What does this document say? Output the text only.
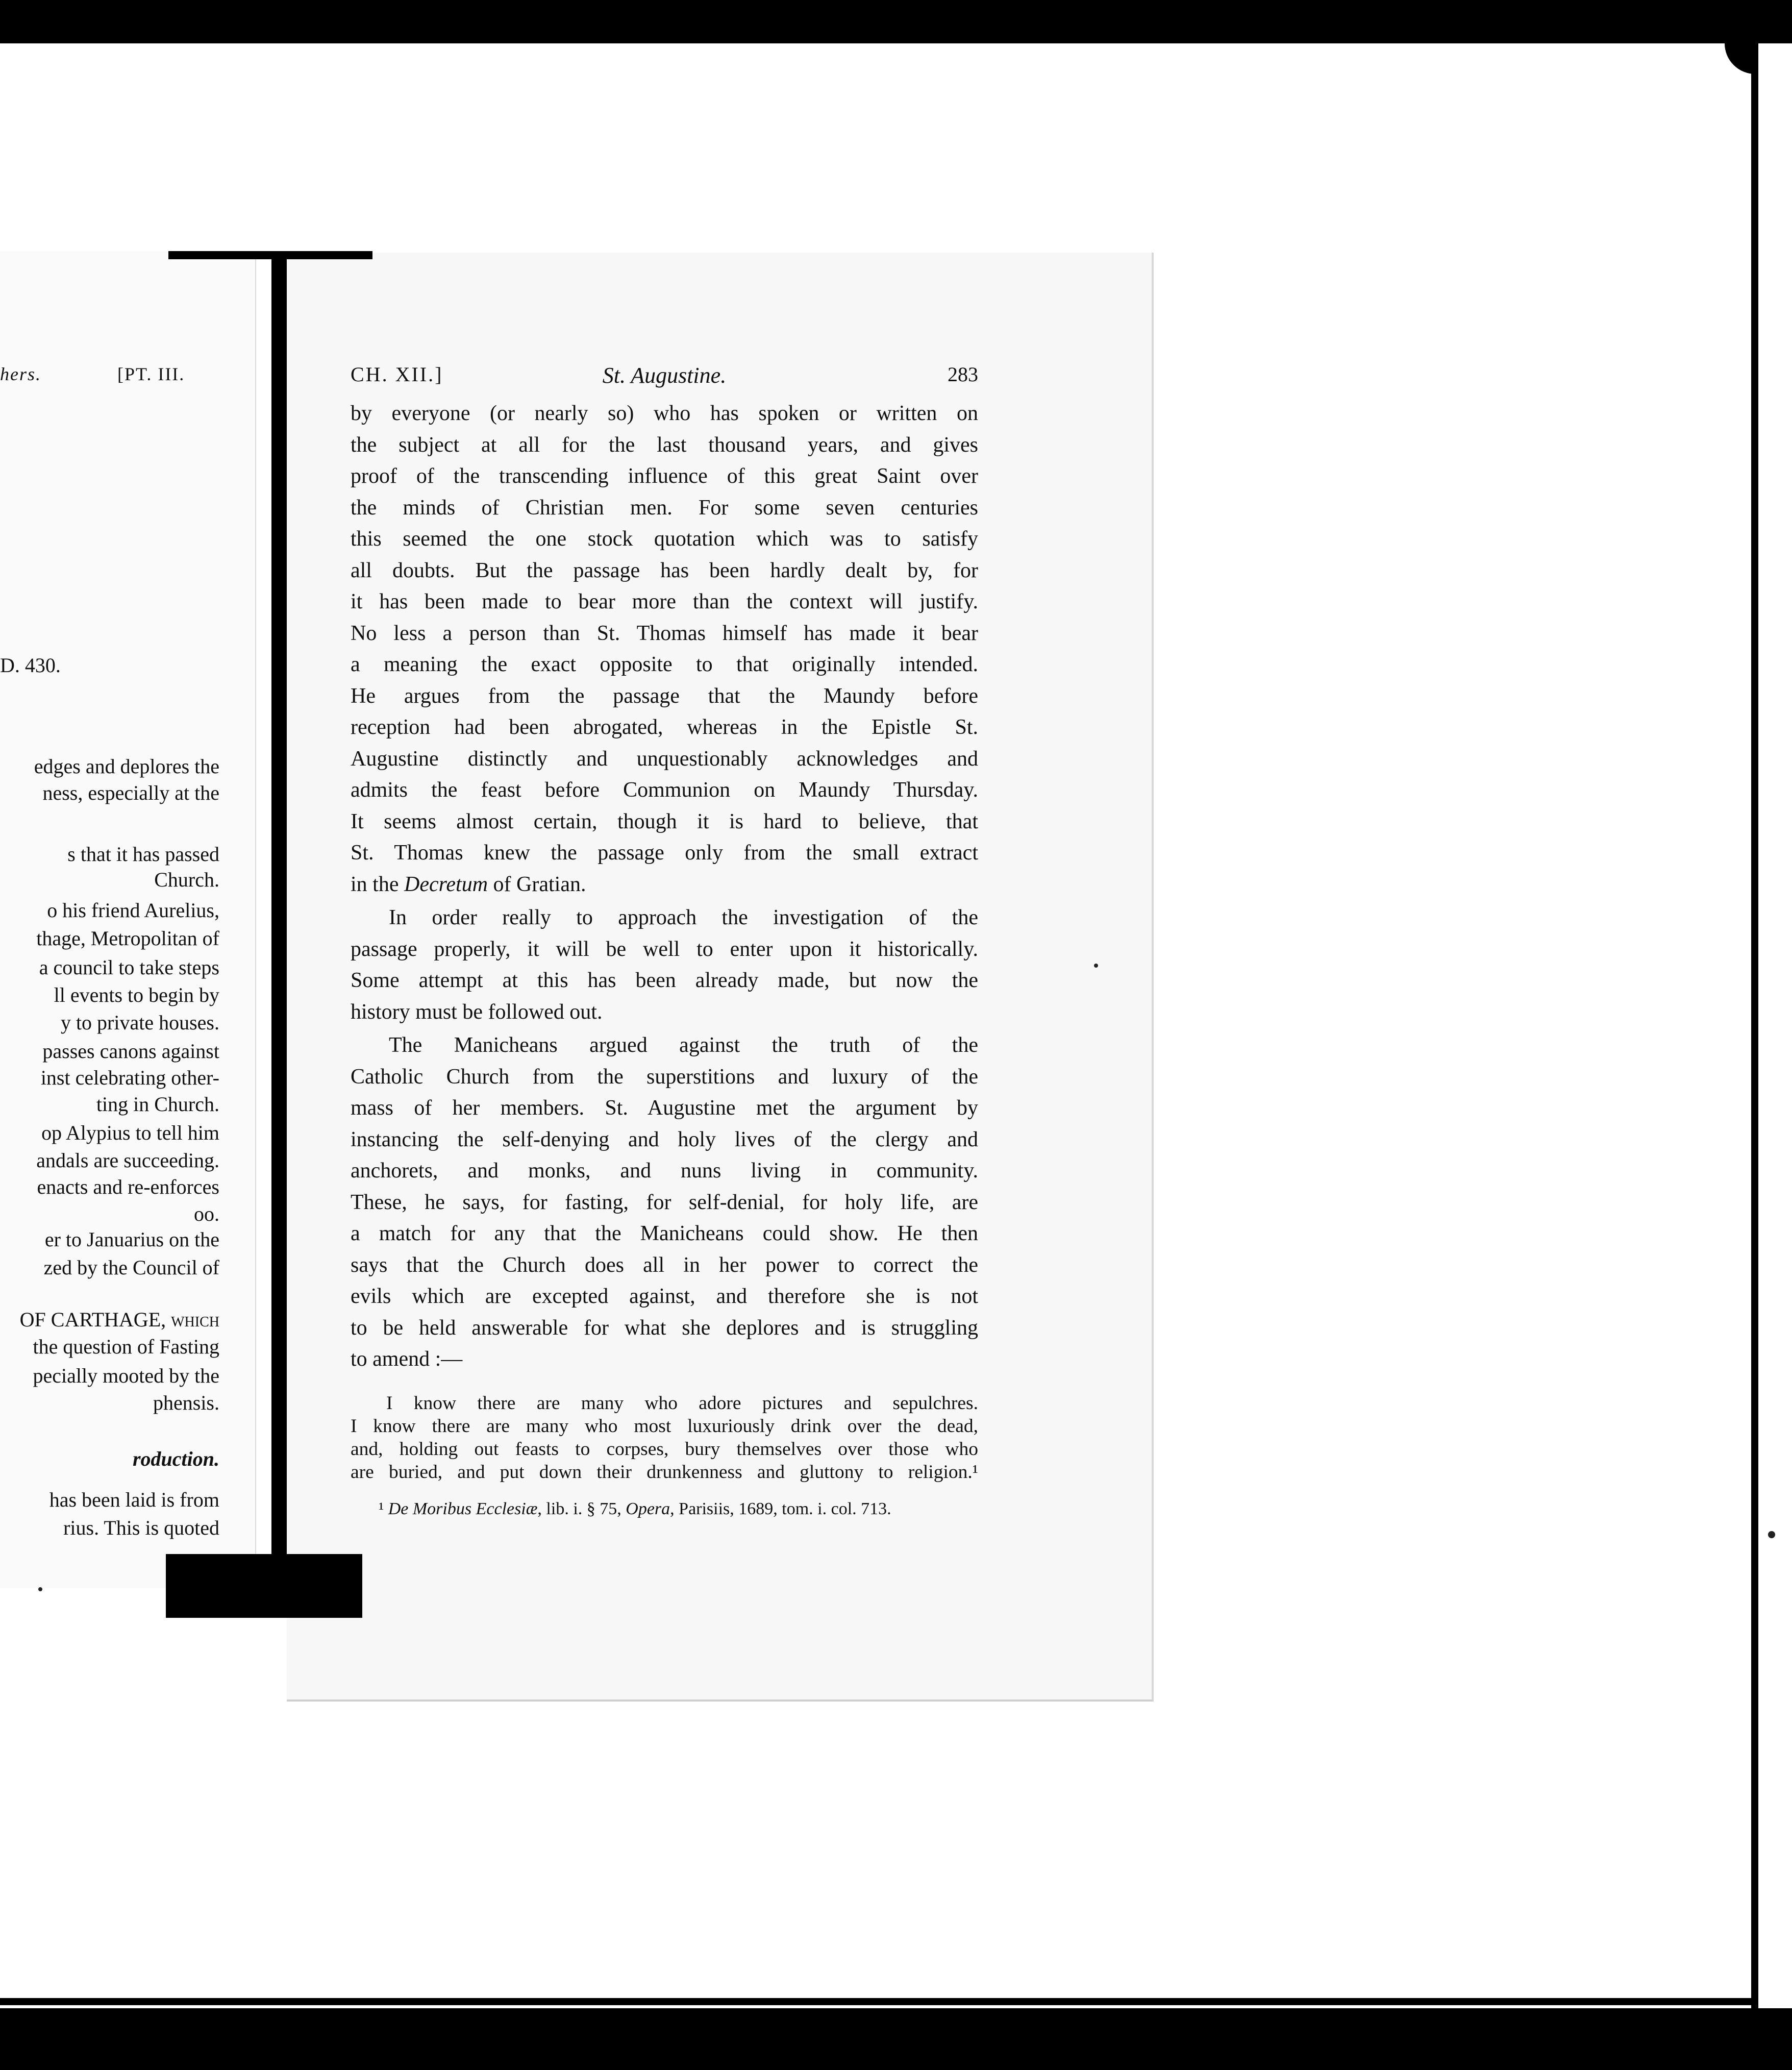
hers.	[PT. III.
D. 430.
edges and deplores the
ness, especially at the
s that it has passed
Church.
o his friend Aurelius,
thage, Metropolitan of
a council to take steps
ll events to begin by
y to private houses.
passes canons against
inst celebrating other-
ting in Church.
op Alypius to tell him
andals are succeeding.
enacts and re-enforces
oo.
er to Januarius on the
zed by the Council of
OF CARTHAGE, which
the question of Fasting
pecially mooted by the
phensis.
roduction.
has been laid is from
rius. This is quoted
CH. XII.]	St. Augustine.	283

by everyone (or nearly so) who has spoken or written on

the subject at all for the last thousand years, and gives

proof of the transcending influence of this great Saint over

the minds of Christian men. For some seven centuries

this seemed the one stock quotation which was to satisfy

all doubts. But the passage has been hardly dealt by, for

it has been made to bear more than the context will justify.

No less a person than St. Thomas himself has made it bear

a meaning the exact opposite to that originally intended.

He argues from the passage that the Maundy before

reception had been abrogated, whereas in the Epistle St.

Augustine distinctly and unquestionably acknowledges and

admits the feast before Communion on Maundy Thursday.

It seems almost certain, though it is hard to believe, that

St. Thomas knew the passage only from the small extract

in the Decretum of Gratian.

In order really to approach the investigation of the

passage properly, it will be well to enter upon it historically.

Some attempt at this has been already made, but now the

history must be followed out.

The Manicheans argued against the truth of the

Catholic Church from the superstitions and luxury of the

mass of her members. St. Augustine met the argument by

instancing the self-denying and holy lives of the clergy and

anchorets, and monks, and nuns living in community.

These, he says, for fasting, for self-denial, for holy life, are

a match for any that the Manicheans could show. He then

says that the Church does all in her power to correct the

evils which are excepted against, and therefore she is not

to be held answerable for what she deplores and is struggling

to amend :—

I know there are many who adore pictures and sepulchres.
I know there are many who most luxuriously drink over the dead,
and, holding out feasts to corpses, bury themselves over those who
are buried, and put down their drunkenness and gluttony to religion.¹
¹ De Moribus Ecclesiæ, lib. i. § 75, Opera, Parisiis, 1689, tom. i. col. 713.
